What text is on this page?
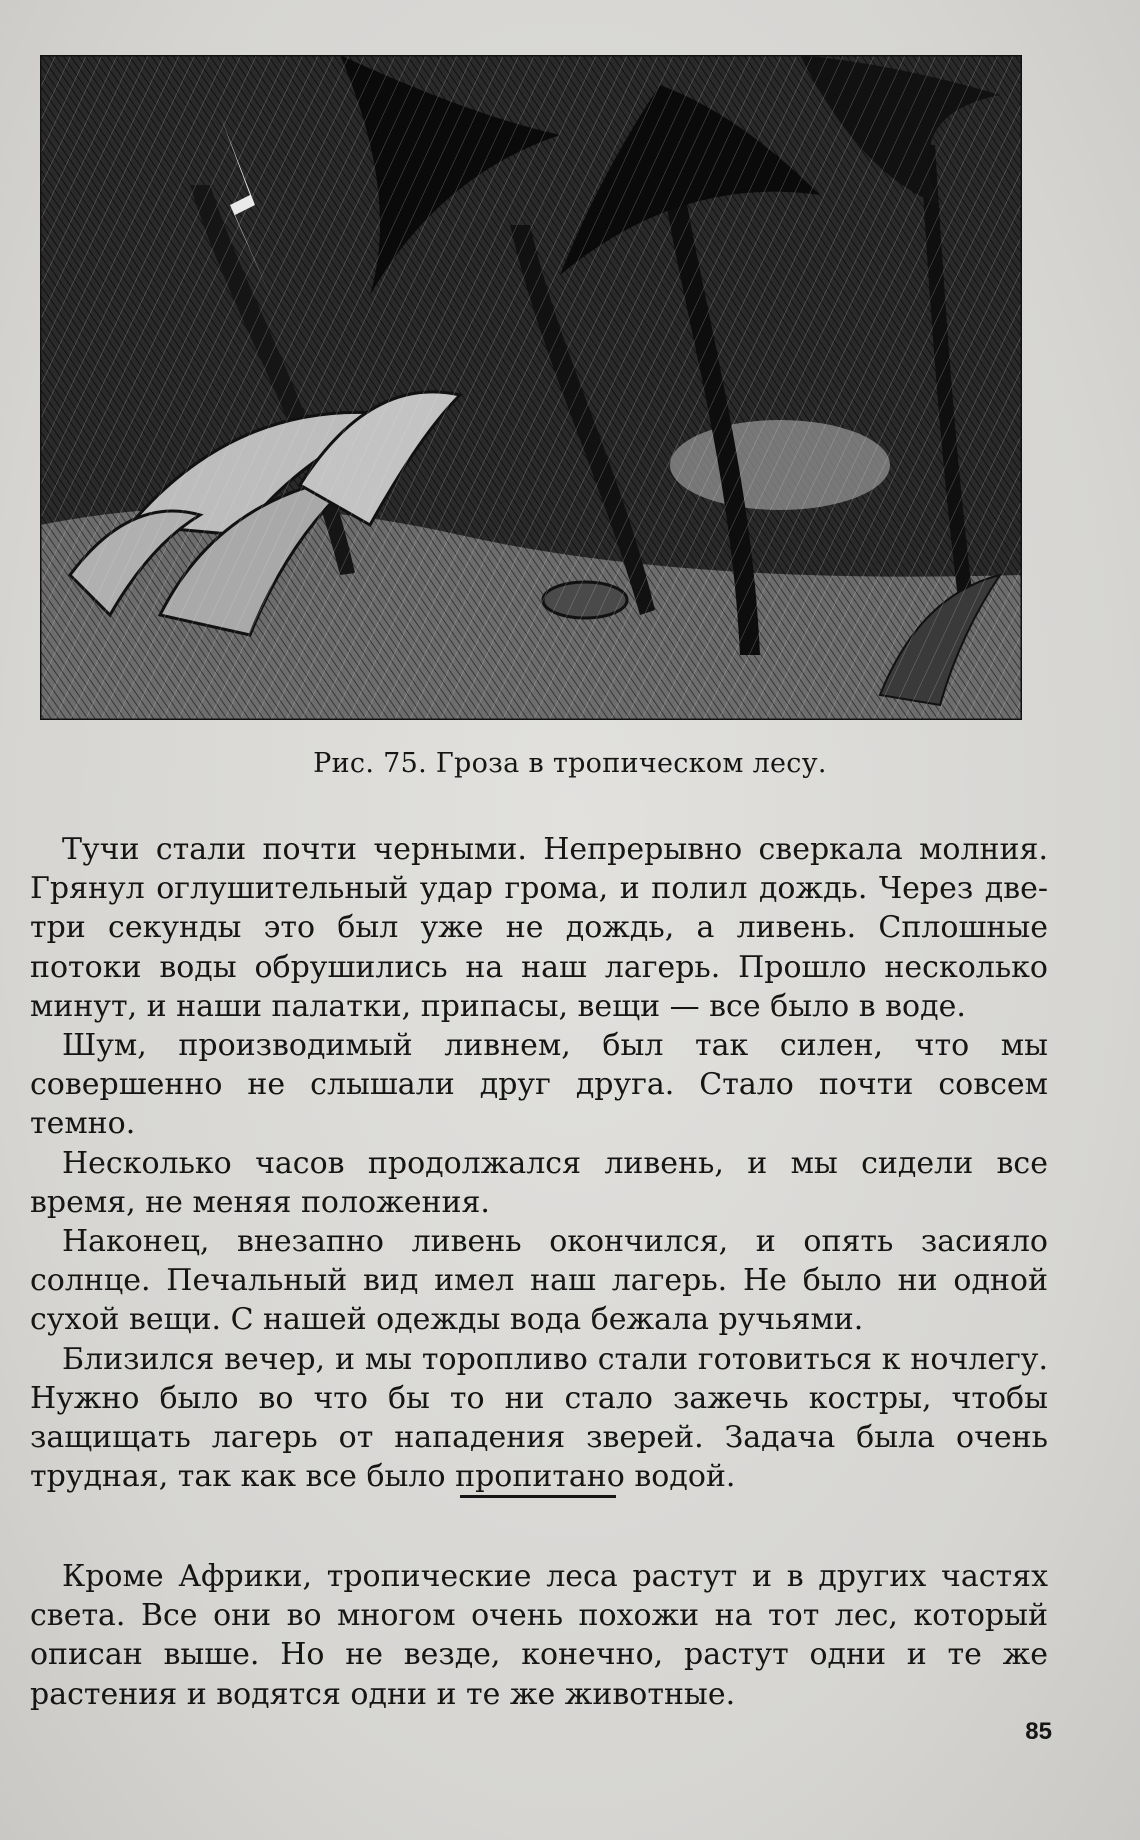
Рис. 75. Гроза в тропическом лесу.

Тучи стали почти черными. Непрерывно сверкала молния. Грянул оглушительный удар грома, и полил дождь. Через две-три секунды это был уже не дождь, а ливень. Сплошные потоки воды обрушились на наш лагерь. Прошло несколько минут, и наши палатки, припасы, вещи — все было в воде.

Шум, производимый ливнем, был так силен, что мы совершенно не слышали друг друга. Стало почти совсем темно.

Несколько часов продолжался ливень, и мы сидели все время, не меняя положения.

Наконец, внезапно ливень окончился, и опять засияло солнце. Печальный вид имел наш лагерь. Не было ни одной сухой вещи. С нашей одежды вода бежала ручьями.

Близился вечер, и мы торопливо стали готовиться к ночлегу. Нужно было во что бы то ни стало зажечь костры, чтобы защищать лагерь от нападения зверей. Задача была очень трудная, так как все было пропитано водой.

Кроме Африки, тропические леса растут и в других частях света. Все они во многом очень похожи на тот лес, который описан выше. Но не везде, конечно, растут одни и те же растения и водятся одни и те же животные.

85
